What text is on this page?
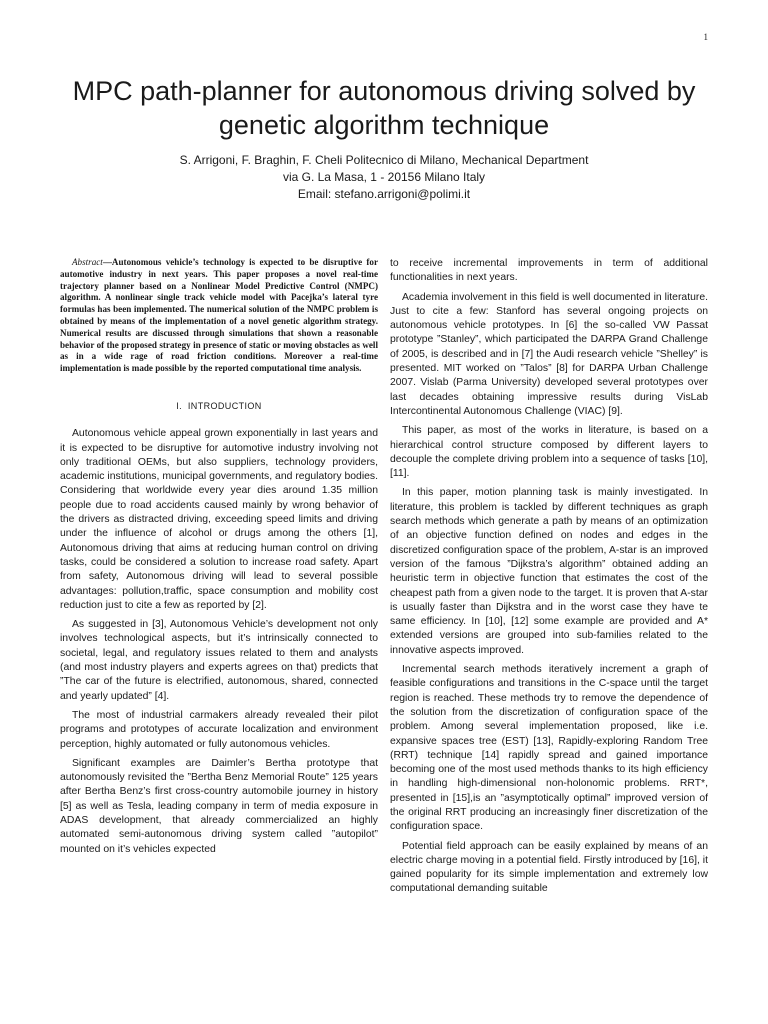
1
MPC path-planner for autonomous driving solved by genetic algorithm technique
S. Arrigoni, F. Braghin, F. Cheli Politecnico di Milano, Mechanical Department
via G. La Masa, 1 - 20156 Milano Italy
Email: stefano.arrigoni@polimi.it

Abstract—Autonomous vehicle’s technology is expected to be disruptive for automotive industry in next years. This paper proposes a novel real-time trajectory planner based on a Nonlinear Model Predictive Control (NMPC) algorithm. A nonlinear single track vehicle model with Pacejka’s lateral tyre formulas has been implemented. The numerical solution of the NMPC problem is obtained by means of the implementation of a novel genetic algorithm strategy. Numerical results are discussed through simulations that shown a reasonable behavior of the proposed strategy in presence of static or moving obstacles as well as in a wide rage of road friction conditions. Moreover a real-time implementation is made possible by the reported computational time analysis.

I. INTRODUCTION

Autonomous vehicle appeal grown exponentially in last years and it is expected to be disruptive for automotive industry involving not only traditional OEMs, but also suppliers, technology providers, academic institutions, municipal governments, and regulatory bodies. Considering that worldwide every year dies around 1.35 million people due to road accidents caused mainly by wrong behavior of the drivers as distracted driving, exceeding speed limits and driving under the influence of alcohol or drugs among the others [1], Autonomous driving that aims at reducing human control on driving tasks, could be considered a solution to increase road safety. Apart from safety, Autonomous driving will lead to several possible advantages: pollution,traffic, space consumption and mobility cost reduction just to cite a few as reported by [2].

As suggested in [3], Autonomous Vehicle’s development not only involves technological aspects, but it’s intrinsically connected to societal, legal, and regulatory issues related to them and analysts (and most industry players and experts agrees on that) predicts that ”The car of the future is electrified, autonomous, shared, connected and yearly updated” [4].

The most of industrial carmakers already revealed their pilot programs and prototypes of accurate localization and environment perception, highly automated or fully autonomous vehicles.

Significant examples are Daimler’s Bertha prototype that autonomously revisited the ”Bertha Benz Memorial Route” 125 years after Bertha Benz’s first cross-country automobile journey in history [5] as well as Tesla, leading company in term of media exposure in ADAS development, that already commercialized an highly automated semi-autonomous driving system called ”autopilot” mounted on it’s vehicles expected

to receive incremental improvements in term of additional functionalities in next years.

Academia involvement in this field is well documented in literature. Just to cite a few: Stanford has several ongoing projects on autonomous vehicle prototypes. In [6] the so-called VW Passat prototype ”Stanley”, which participated the DARPA Grand Challenge of 2005, is described and in [7] the Audi research vehicle ”Shelley” is presented. MIT worked on ”Talos” [8] for DARPA Urban Challenge 2007. Vislab (Parma University) developed several prototypes over last decades obtaining impressive results during VisLab Intercontinental Autonomous Challenge (VIAC) [9].

This paper, as most of the works in literature, is based on a hierarchical control structure composed by different layers to decouple the complete driving problem into a sequence of tasks [10], [11].

In this paper, motion planning task is mainly investigated. In literature, this problem is tackled by different techniques as graph search methods which generate a path by means of an optimization of an objective function defined on nodes and edges in the discretized configuration space of the problem, A-star is an improved version of the famous ”Dijkstra’s algorithm” obtained adding an heuristic term in objective function that estimates the cost of the cheapest path from a given node to the target. It is proven that A-star is usually faster than Dijkstra and in the worst case they have te same efficiency. In [10], [12] some example are provided and A* extended versions are grouped into sub-families related to the innovative aspects improved.

Incremental search methods iteratively increment a graph of feasible configurations and transitions in the C-space until the target region is reached. These methods try to remove the dependence of the solution from the discretization of configuration space of the problem. Among several implementation proposed, like i.e. expansive spaces tree (EST) [13], Rapidly-exploring Random Tree (RRT) technique [14] rapidly spread and gained importance becoming one of the most used methods thanks to its high efficiency in handling high-dimensional non-holonomic problems. RRT*, presented in [15],is an ”asymptotically optimal” improved version of the original RRT producing an increasingly finer discretization of the configuration space.

Potential field approach can be easily explained by means of an electric charge moving in a potential field. Firstly introduced by [16], it gained popularity for its simple implementation and extremely low computational demanding suitable
